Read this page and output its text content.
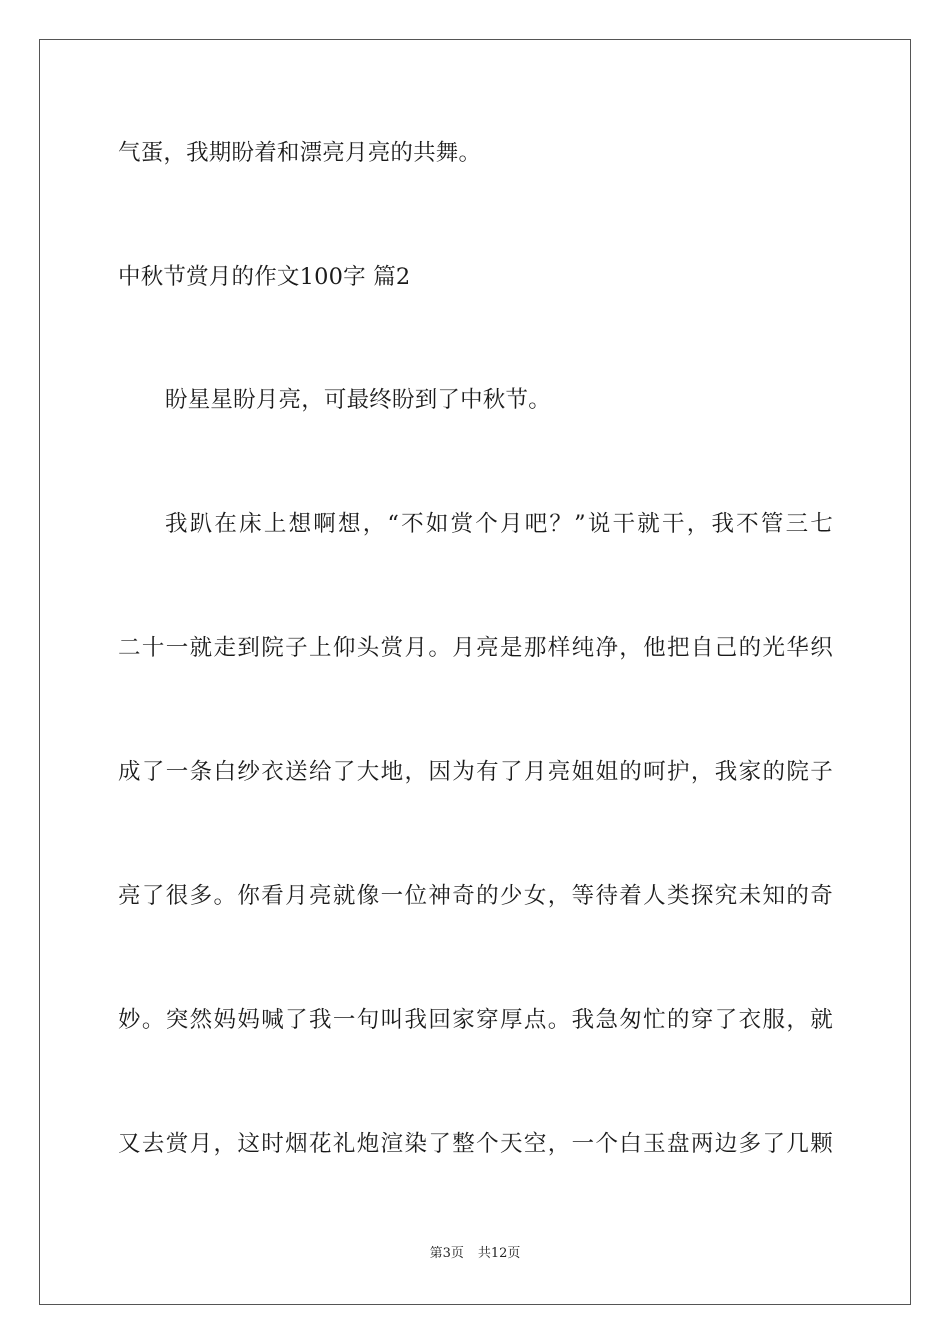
气蛋，我期盼着和漂亮月亮的共舞。
中秋节赏月的作文100字 篇2
盼星星盼月亮，可最终盼到了中秋节。
我趴在床上想啊想，“不如赏个月吧？”说干就干，我不管三七
二十一就走到院子上仰头赏月。月亮是那样纯净，他把自己的光华织
成了一条白纱衣送给了大地，因为有了月亮姐姐的呵护，我家的院子
亮了很多。你看月亮就像一位神奇的少女，等待着人类探究未知的奇
妙。突然妈妈喊了我一句叫我回家穿厚点。我急匆忙的穿了衣服，就
又去赏月，这时烟花礼炮渲染了整个天空，一个白玉盘两边多了几颗
第3页 共12页
